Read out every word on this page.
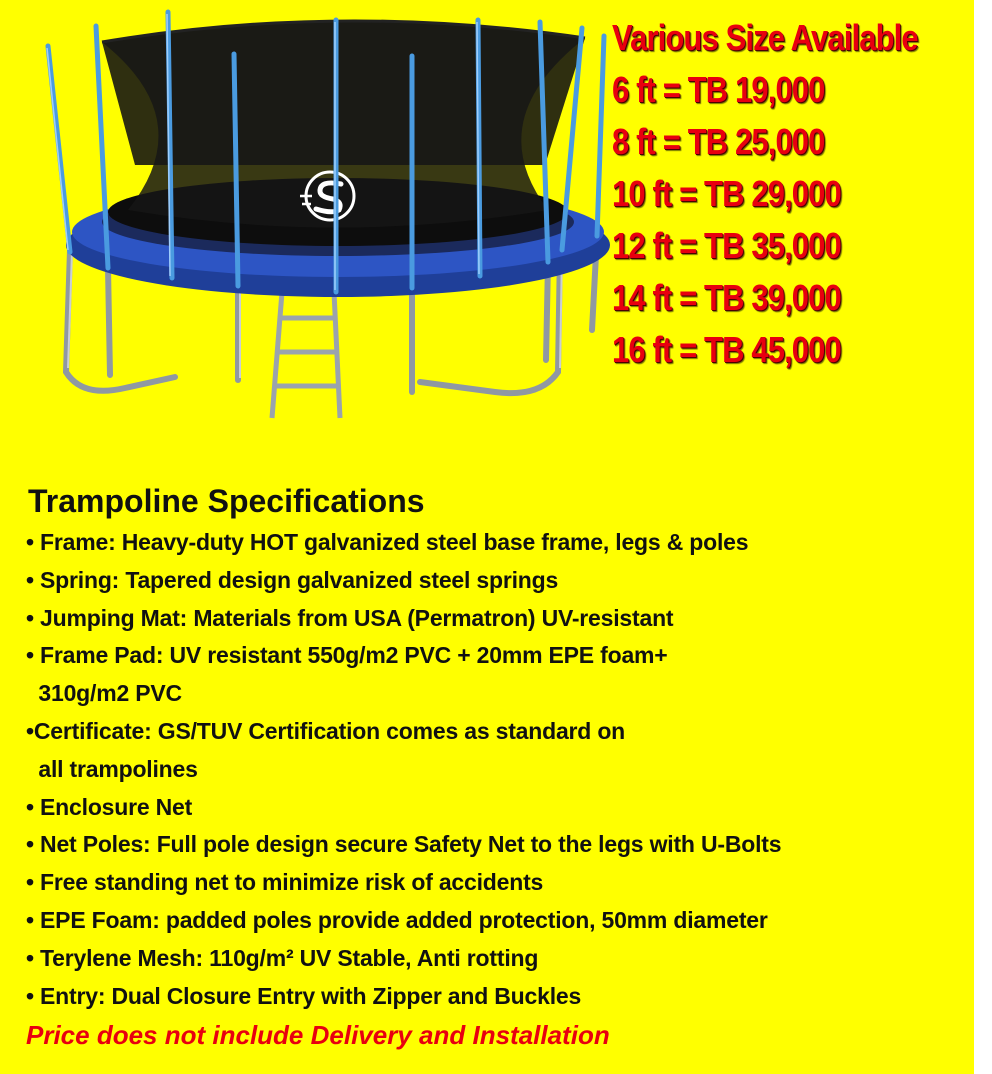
Various Size Available
6 ft = TB 19,000
8 ft = TB 25,000
10 ft = TB 29,000
12 ft = TB 35,000
14 ft = TB 39,000
16 ft = TB 45,000
Trampoline Specifications
• Frame: Heavy-duty HOT galvanized steel base frame, legs & poles
• Spring: Tapered design galvanized steel springs
• Jumping Mat: Materials from USA (Permatron) UV-resistant
• Frame Pad: UV resistant 550g/m2 PVC + 20mm EPE foam+
310g/m2 PVC
•Certificate: GS/TUV Certification comes as standard on
all trampolines
• Enclosure Net
• Net Poles: Full pole design secure Safety Net to the legs with U-Bolts
• Free standing net to minimize risk of accidents
• EPE Foam: padded poles provide added protection, 50mm diameter
• Terylene Mesh: 110g/m² UV Stable, Anti rotting
• Entry: Dual Closure Entry with Zipper and Buckles
Price does not include Delivery and Installation
